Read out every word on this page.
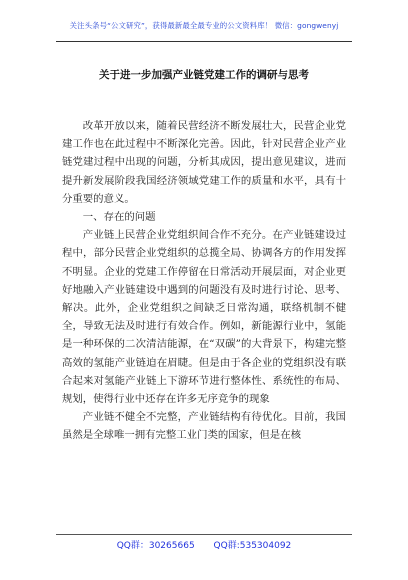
关注头条号“公文研究”，获得最新最全最专业的公文资料库！ 微信：gongwenyj
关于进一步加强产业链党建工作的调研与思考

改革开放以来，随着民营经济不断发展壮大，民营企业党建工作也在此过程中不断深化完善。因此，针对民营企业产业链党建过程中出现的问题，分析其成因，提出意见建议，进而提升新发展阶段我国经济领域党建工作的质量和水平，具有十分重要的意义。

一、存在的问题

产业链上民营企业党组织间合作不充分。在产业链建设过程中，部分民营企业党组织的总揽全局、协调各方的作用发挥不明显。企业的党建工作停留在日常活动开展层面，对企业更好地融入产业链建设中遇到的问题没有及时进行讨论、思考、解决。此外，企业党组织之间缺乏日常沟通，联络机制不健全，导致无法及时进行有效合作。例如，新能源行业中，氢能是一种环保的二次清洁能源，在“双碳”的大背景下，构建完整高效的氢能产业链迫在眉睫。但是由于各企业的党组织没有联合起来对氢能产业链上下游环节进行整体性、系统性的布局、规划，使得行业中还存在许多无序竞争的现象

产业链不健全不完整，产业链结构有待优化。目前，我国虽然是全球唯一拥有完整工业门类的国家，但是在核

QQ群：30265665 QQ群:535304092
